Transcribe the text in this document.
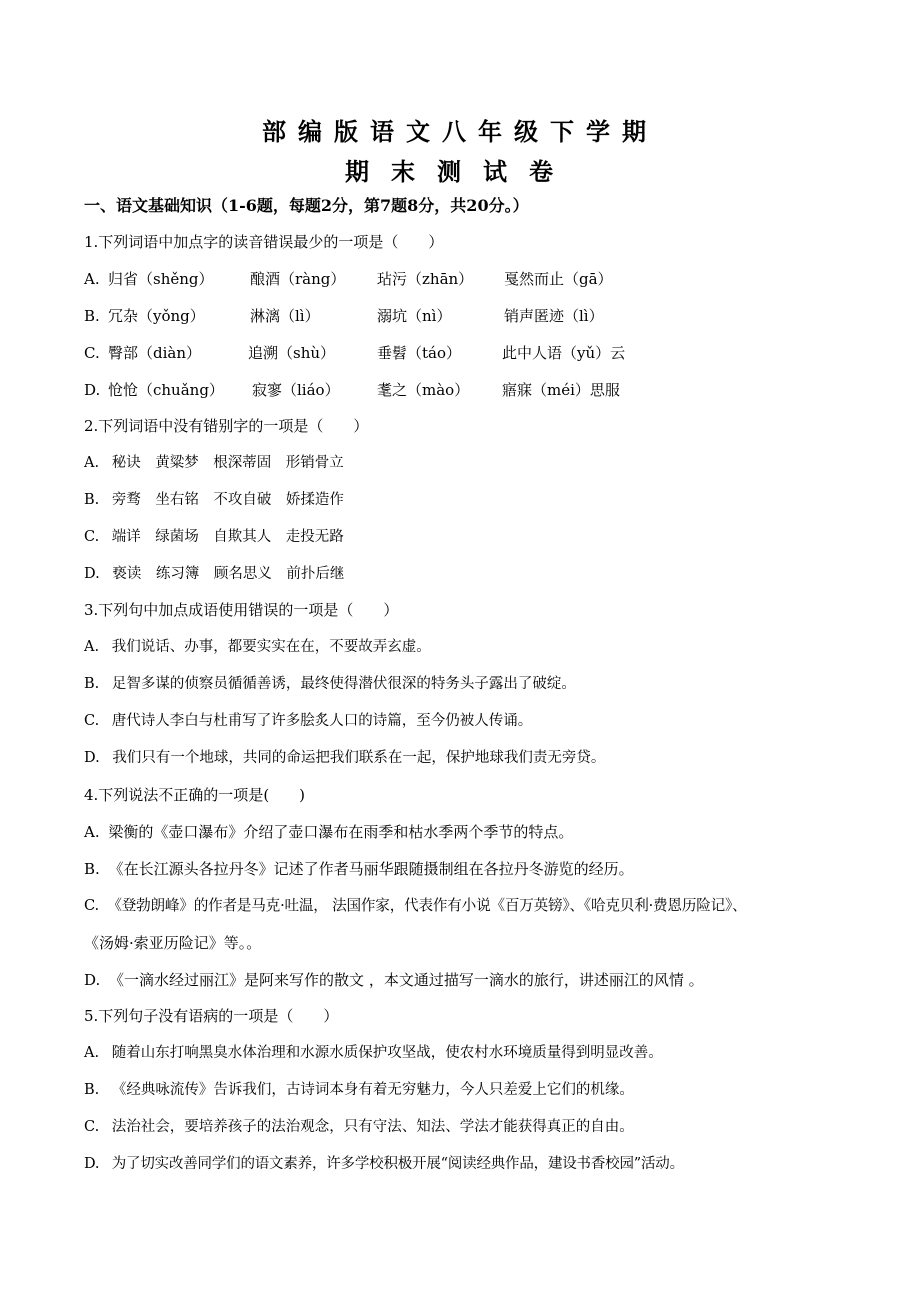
部编版语文八年级下学期
期末测试卷
一、语文基础知识（1-6题，每题2分，第7题8分，共20分。）
1.下列词语中加点字的读音错误最少的一项是（　　）
A. 归省（shěng） 酿酒（ràng） 玷污（zhān） 戛然而止（gā）
B. 冗杂（yǒng）	淋漓（lì）	溺坑（nì）	销声匿迹（lì）
C. 臀部（diàn）	追溯（shù）	垂髫（táo）	此中人语（yǔ）云
D. 怆怆（chuǎng） 寂寥（liáo） 耄之（mào） 寤寐（méi）思服
2.下列词语中没有错别字的一项是（　　）
A. 秘诀　黄粱梦　根深蒂固　形销骨立
B. 旁骛　坐右铭　不攻自破　娇揉造作
C. 端详　绿菌场　自欺其人　走投无路
D. 亵读　练习簿　顾名思义　前扑后继
3.下列句中加点成语使用错误的一项是（　　）
A. 我们说话、办事，都要实实在在，不要故弄玄虚。
B. 足智多谋的侦察员循循善诱，最终使得潜伏很深的特务头子露出了破绽。
C. 唐代诗人李白与杜甫写了许多脍炙人口的诗篇，至今仍被人传诵。
D. 我们只有一个地球，共同的命运把我们联系在一起，保护地球我们责无旁贷。
4.下列说法不正确的一项是(　　)
A. 梁衡的《壶口瀑布》介绍了壶口瀑布在雨季和枯水季两个季节的特点。
B. 《在长江源头各拉丹冬》记述了作者马丽华跟随摄制组在各拉丹冬游览的经历。
C. 《登勃朗峰》的作者是马克·吐温， 法国作家，代表作有小说《百万英镑》、《哈克贝利·费恩历险记》、
《汤姆·索亚历险记》等。。
D. 《一滴水经过丽江》是阿来写作的散文 ，本文通过描写一滴水的旅行，讲述丽江的风情 。
5.下列句子没有语病的一项是（　　）
A. 随着山东打响黑臭水体治理和水源水质保护攻坚战，使农村水环境质量得到明显改善。
B. 《经典咏流传》告诉我们，古诗词本身有着无穷魅力，今人只差爱上它们的机缘。
C. 法治社会，要培养孩子的法治观念，只有守法、知法、学法才能获得真正的自由。
D. 为了切实改善同学们的语文素养，许多学校积极开展“阅读经典作品，建设书香校园”活动。
